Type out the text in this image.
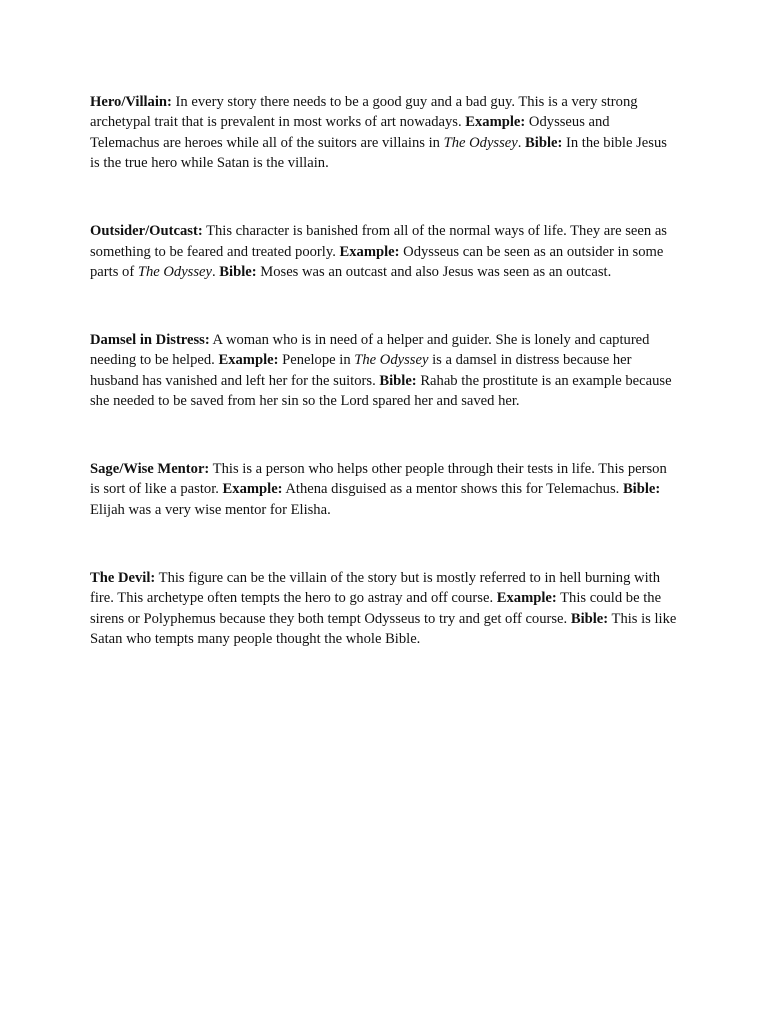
Hero/Villain: In every story there needs to be a good guy and a bad guy. This is a very strong archetypal trait that is prevalent in most works of art nowadays. Example: Odysseus and Telemachus are heroes while all of the suitors are villains in The Odyssey. Bible: In the bible Jesus is the true hero while Satan is the villain.

Outsider/Outcast: This character is banished from all of the normal ways of life. They are seen as something to be feared and treated poorly. Example: Odysseus can be seen as an outsider in some parts of The Odyssey. Bible: Moses was an outcast and also Jesus was seen as an outcast.

Damsel in Distress: A woman who is in need of a helper and guider. She is lonely and captured needing to be helped. Example: Penelope in The Odyssey is a damsel in distress because her husband has vanished and left her for the suitors. Bible: Rahab the prostitute is an example because she needed to be saved from her sin so the Lord spared her and saved her.

Sage/Wise Mentor: This is a person who helps other people through their tests in life. This person is sort of like a pastor. Example: Athena disguised as a mentor shows this for Telemachus. Bible: Elijah was a very wise mentor for Elisha.

The Devil: This figure can be the villain of the story but is mostly referred to in hell burning with fire. This archetype often tempts the hero to go astray and off course. Example: This could be the sirens or Polyphemus because they both tempt Odysseus to try and get off course. Bible: This is like Satan who tempts many people thought the whole Bible.
